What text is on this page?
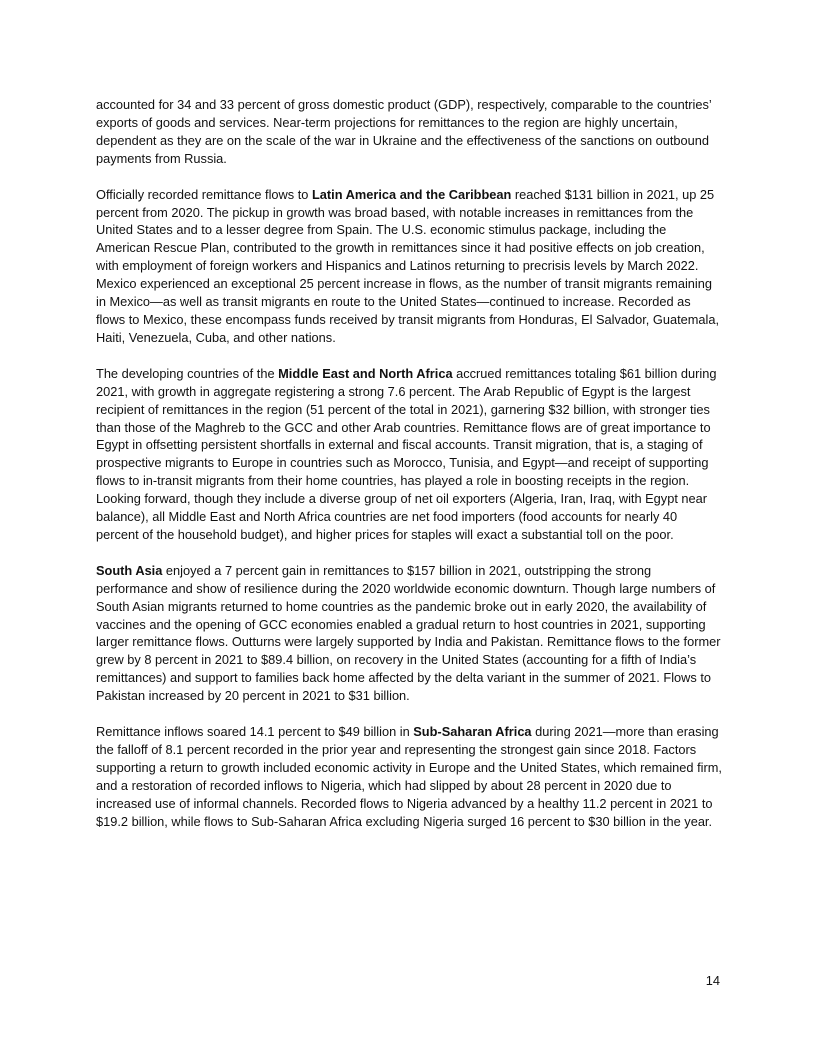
accounted for 34 and 33 percent of gross domestic product (GDP), respectively, comparable to the countries’ exports of goods and services. Near-term projections for remittances to the region are highly uncertain, dependent as they are on the scale of the war in Ukraine and the effectiveness of the sanctions on outbound payments from Russia.

Officially recorded remittance flows to Latin America and the Caribbean reached $131 billion in 2021, up 25 percent from 2020. The pickup in growth was broad based, with notable increases in remittances from the United States and to a lesser degree from Spain. The U.S. economic stimulus package, including the American Rescue Plan, contributed to the growth in remittances since it had positive effects on job creation, with employment of foreign workers and Hispanics and Latinos returning to precrisis levels by March 2022. Mexico experienced an exceptional 25 percent increase in flows, as the number of transit migrants remaining in Mexico—as well as transit migrants en route to the United States—continued to increase. Recorded as flows to Mexico, these encompass funds received by transit migrants from Honduras, El Salvador, Guatemala, Haiti, Venezuela, Cuba, and other nations.

The developing countries of the Middle East and North Africa accrued remittances totaling $61 billion during 2021, with growth in aggregate registering a strong 7.6 percent. The Arab Republic of Egypt is the largest recipient of remittances in the region (51 percent of the total in 2021), garnering $32 billion, with stronger ties than those of the Maghreb to the GCC and other Arab countries. Remittance flows are of great importance to Egypt in offsetting persistent shortfalls in external and fiscal accounts. Transit migration, that is, a staging of prospective migrants to Europe in countries such as Morocco, Tunisia, and Egypt—and receipt of supporting flows to in-transit migrants from their home countries, has played a role in boosting receipts in the region. Looking forward, though they include a diverse group of net oil exporters (Algeria, Iran, Iraq, with Egypt near balance), all Middle East and North Africa countries are net food importers (food accounts for nearly 40 percent of the household budget), and higher prices for staples will exact a substantial toll on the poor.

South Asia enjoyed a 7 percent gain in remittances to $157 billion in 2021, outstripping the strong performance and show of resilience during the 2020 worldwide economic downturn. Though large numbers of South Asian migrants returned to home countries as the pandemic broke out in early 2020, the availability of vaccines and the opening of GCC economies enabled a gradual return to host countries in 2021, supporting larger remittance flows. Outturns were largely supported by India and Pakistan. Remittance flows to the former grew by 8 percent in 2021 to $89.4 billion, on recovery in the United States (accounting for a fifth of India’s remittances) and support to families back home affected by the delta variant in the summer of 2021. Flows to Pakistan increased by 20 percent in 2021 to $31 billion.

Remittance inflows soared 14.1 percent to $49 billion in Sub-Saharan Africa during 2021—more than erasing the falloff of 8.1 percent recorded in the prior year and representing the strongest gain since 2018. Factors supporting a return to growth included economic activity in Europe and the United States, which remained firm, and a restoration of recorded inflows to Nigeria, which had slipped by about 28 percent in 2020 due to increased use of informal channels. Recorded flows to Nigeria advanced by a healthy 11.2 percent in 2021 to $19.2 billion, while flows to Sub-Saharan Africa excluding Nigeria surged 16 percent to $30 billion in the year.

14
